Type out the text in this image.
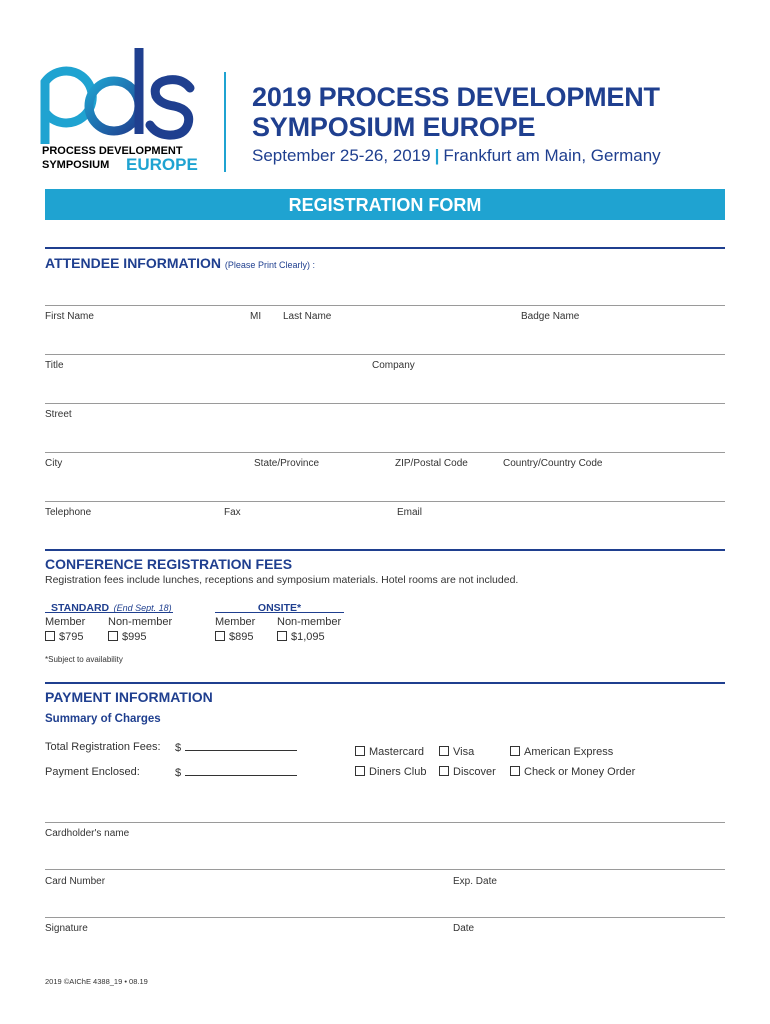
PROCESS DEVELOPMENT
SYMPOSIUM EUROPE
2019 PROCESS DEVELOPMENT
SYMPOSIUM EUROPE
September 25-26, 2019 | Frankfurt am Main, Germany
REGISTRATION FORM
ATTENDEE INFORMATION (Please Print Clearly) :
First Name	MI Last Name	Badge Name
Title	Company
Street
City	State/Province	ZIP/Postal Code	Country/Country Code
Telephone	Fax	Email
CONFERENCE REGISTRATION FEES
Registration fees include lunches, receptions and symposium materials. Hotel rooms are not included.
STANDARD (End Sept. 18)	ONSITE*
Member Non-member	Member Non-member
$795	$995	$895	$1,095
*Subject to availability
PAYMENT INFORMATION
Summary of Charges
Total Registration Fees: $
Payment Enclosed:	$
Mastercard	Visa	American Express
Diners Club	Discover	Check or Money Order
Cardholder's name
Card Number	Exp. Date
Signature	Date
2019 ©AIChE 4388_19 • 08.19
